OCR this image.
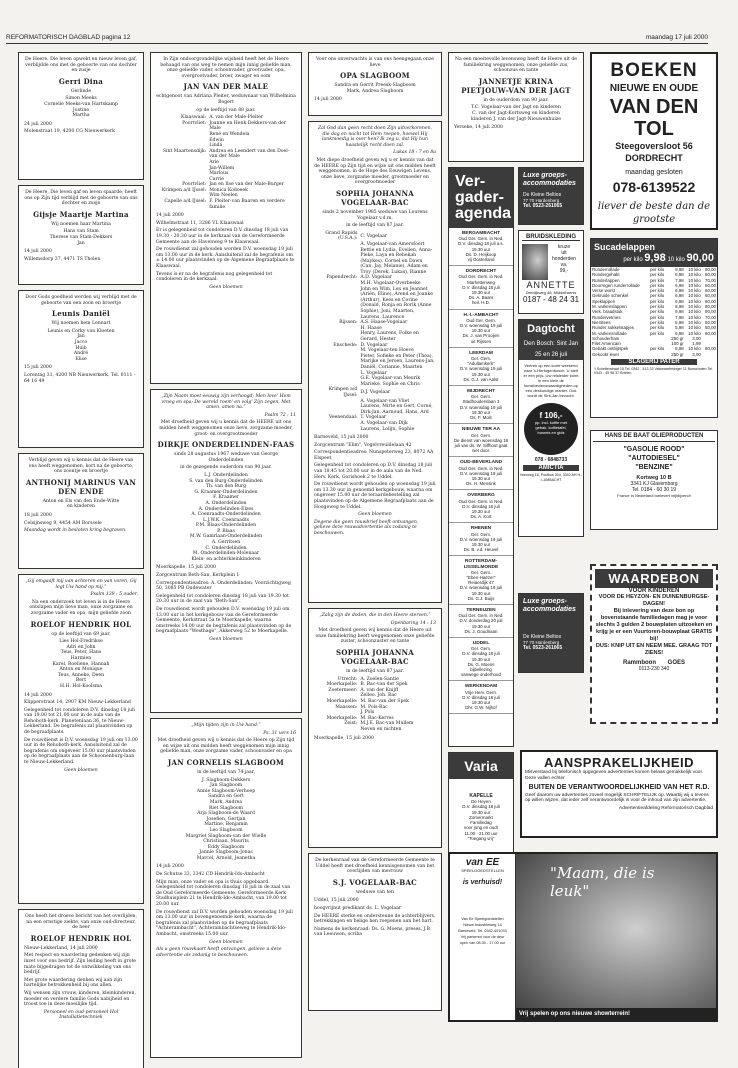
REFORMATORISCH DAGBLAD pagina 12	maandag 17 juli 2000

De Heere. Die leven opwekt en nieuw leven gaf, verblijdde ons met de geboorte van ons dochter en zusje

Gerri Dina

Gerlinde

Simon Meeks
Cornelie Meeks-van Hartskamp
Justine
Martha

24 juli 2000

Molenstraat 19, 4200 CG Nieuwerkerk

De Heere, Die leven gaf en leven spaarde, heeft ons op Zijn tijd verblijd met de geboorte van ons dochter en zusje

Gijsje Maartje Martina

Wij noemen haar Martina

Hans van Stam
Therese van Stam-Dekkers
Jan

14 juli 2000

Willemsdorp 37, 4471 TS Tholen

Door Gods goedheid werden wij verblijd met de geboorte van een zoon en broertje

Leunis Daniël

Wij noemen hem Lennart

Leunis en Corky van Kloeten
Jan
Jacco
Huib
André
Elise

15 juli 2000

Lorentag 31, 4200 NB Nieuwerkerk, Tel. 0111 - 64 16 49

Verblijd geven wij u kennis dat de Heere van ons heeft weggenomen, kort na de geboorte, ons zoontje en broertje

ANTHONIJ MARINUS VAN DEN ENDE
Anton en Els van den Ende-Witte
en kinderen

18 juli 2000

Celsijnsweg 9, 4454 AM Borssele

Maandag wordt in besloten kring begraven.

„Gij omgaaft mij van achteren en van voren, Gij legt Uw hand op mij.”

Psalm 139 : 5 ouder.

Na een onderzoek tot leven is in de Heere ontslapen mijn lieve man, onze zorgzame en zorgzame vader en opa, mijn geliefde zoon

ROELOF HENDRIK HOL

op de leeftijd van 69 jaar.

Lies Hol-Fredrikse
Adri en John
Teus, Peter, Hans
Harmien
Karel, Roeliene, Hannah
Anton en Monique
Teus, Anneke, Deen
Bert
H.H. Hol-Koolsma

14 juli 2000

Klipperstraat 14, 2907 KM Nieuw-Lekkerland

Gelegenheid tot condoleren D.V. dinsdag 18 juli van 19.00 tot 21.00 uur in de aula van de Rehoboth-kerk, Planetenlaan 36, te Nieuw-Lekkerland. De begrafenis zal plaatsvinden op de begraafplaats.

De rouwdienst is D.V. woensdag 19 juli om 13.00 uur in de Rehoboth-kerk. Aansluitend zal de begrafenis om ongeveer 15.00 uur plaatsvinden op de begraafplaats aan de Schoonenburg-laan te Nieuw-Lekkerland.

Geen bloemen

Ons heeft het droeve bericht van het overlijden, na een ernstige ziekte, van onze oud-directeur, de heer

ROELOF HENDRIK HOL

Nieuw-Lekkerland, 14 juli 2000

Met respect en waardering gedenken wij zijn inzet voor ons bedrijf. Zijn leiding heeft in grote mate bijgedragen tot de ontwikkeling van ons bedrijf.

Met grote waardering denken wij aan zijn hartelijke betrokkenheid bij ons allen.

Wij wensen zijn vrouw, kinderen, kleinkinderen, moeder en verdere familie Gods nabijheid en troost toe in deze moeilijke tijd.

Personeel en oud-personeel Hol Installatietechniek

In Zijn ondoorgrondelijke wijsheid heeft het de Heere behaagd van ons weg te nemen mijn innig geliefde man, onze geliefde vader, schoonvader, grootvader, opa, overgrootvader, broer, zwager en oom

JAN VAN DER MALE

echtgenoot van Adriana Pleiter, weduwnaar van Wilhelmina Bogert

op de leeftijd van 88 jaar.

Klaaswaal:	A. van der Male-Pleiter
Poortvliet:	Joanne en Henk Dekkers-van der Male
	René en Wendela
	Edwin
	Linda
Sint Maartensdijk:	Andrea en Leendert van den Doel-van der Male
	Arie
	Jan-Willem
	Marlous
	Carrie
Poortvliet:	Jan en Ilse van der Male-Burger
Krimpen a/d IJssel:	Monica Kodoeek
	Wim Neelen
Capelle a/d IJssel:	F. Pleiter-van Baaren en verdere familie

14 juli 2000

Wilhelmstraat 11, 3286 VL Klaaswaal

Er is gelegenheid tot condoleren D.V. dinsdag 18 juli van 19.30 - 20.30 uur in de kerkzaal van de Gereformeerde Gemeente aan de Havenweg 9 te Klaaswaal.

De rouwdienst zal gehouden worden D.V. woensdag 19 juli om 13.00 uur in de kerk. Aansluitend zal de begrafenis om ± 14.00 uur plaatsvinden op de Algemene Begraafplaats te Klaaswaal.

Tevens is er na de begrafenis nog gelegenheid tot condoleren in de kerkzaal.

Geen bloemen

„Zijn Naam moet eeuwig zijn verhoogd; Men love' Hem vroeg en spa; De wereld roem' en volg' Zijn zegen, Met amen, amen na.”

Psalm 72 : 11

Met droefheid geven wij u kennis dat de HEERE uit ons midden heeft weggenomen onze lieve, zorgzame moeder, groot- en overgrootmoeder

DIRKJE ONDERDELINDEN-FAAS

sinds 28 augustus 1967 weduwe van George Onderdelinden

in de gezegende ouderdom van 90 jaar.

L.J. Onderdelinden
S. van den Burg-Onderdelinden
Th. van den Burg
G. Kraamer-Onderdelinden
F. Kraamer
A. Onderdelinden
A. Onderdelinden-Elzes
A. Coenraadts-Onderdelinden
L.J.W.K. Coenraadts
P.M. Blaas-Onderdelinden
P. Blaas
M.W. Gamrlaan-Onderdelinden
A. Gerritsen
C. Onderdelinden
M. Onderdelinden-Molenaar
Klein- en achterkleinkinderen

Moerkapelle, 15 juli 2000

Zorgcentrum Beth-San, Kerkplein 1

Correspondentieadres: A. Onderdelinden, Voorzichtigweg 50, 3085 PB Oudewater

Gelegenheid tot condoleren dinsdag 18 juli van 19.30 tot 20.30 uur in de zaal van "Beth-San".

De rouwdienst wordt gehouden D.V. woensdag 19 juli om 13.00 uur in het kerkgebouw van de Gereformeerde Gemeente, Kerkstraat 5a te Moerkapelle, waarna omstreeks 14.00 uur de begrafenis zal plaatsvinden op de begraafplaats "Westhage", Akkerweg 52 te Moerkapelle.

Geen bloemen

„Mijn tijden zijn in Uw hand.”

Ps. 31 vers 16

Met droefheid geven wij u kennis dat de Heere op Zijn tijd en wijze uit ons midden heeft weggenomen mijn innig geliefde man, onze zorgzame vader, schoonvader en opa

JAN CORNELIS SLAGBOOM

in de leeftijd van 74 jaar.

J. Slagboom-Dekkers
Jan Slagboom
Annie Slagboom-Verhoep
Sandra en Gert
Mark, Andrea
Riet Slagboom
Arja Slagboom-de Waard
Josefien, Gertjan
Martine, Benjamin
Leo Slagboom
Margriet Slagboom-van der Wielle
Christiaan, Maurits
Eddy Slagboom
Jannie Slagboom-Jonas
Marcel, Arnold, Jeanetha

14 juli 2000

De Schutse 33, 3342 CD Hendrik-Ido-Ambacht

Mijn man, onze vader en opa is thuis opgebaard. Gelegenheid tot condoleren dinsdag 18 juli in de zaal van de Oud Gereformeerde Gemeente, Gereformeerde Kerk Stadhuisplein 21 te Hendrik-Ido-Ambacht, van 19.00 tot 20.00 uur.

De rouwdienst zal D.V. worden gehouden woensdag 19 juli om 13.00 uur in bovengenoemde kerk, waarna de begrafenis zal plaatsvinden op de begraafplaats "Achterambacht", Achterambachtseweg te Hendrik-Ido-Ambacht, omstreeks 15.00 uur.

Geen bloemen

Als u geen rouwkaart heeft ontvangen, gelieve u deze advertentie als zodanig te beschouwen.

Voor ons onverwachts is van ons heengegaan onze lieve

OPA SLAGBOOM
Sandra en Gerrit Preesk-Slagboom
Mark, Andrea Slagboom

14 juli 2000

Zal God dan geen recht doen Zijn uitverkorenen, die dag en nacht tot Hem roepen, hoewel Hij lankmoedig is over hen? Ik zeg u, dat Hij hun haastelijk recht doen zal.

Lukas 18 : 7 en 8a

Met diepe droefheid geven wij u er kennis van dat de HEERE op Zijn tijd en wijze uit ons midden heeft weggenomen, in de Hope des Eeuwigen Levens, onze lieve, zorgzame moeder, grootmoeder en overgrootmoeder

SOPHIA JOHANNA VOGELAAR-BAC

sinds 2 november 1985 weduwe van Lourens Vogelaar v.d.m.

in de leeftijd van 87 jaar.

Grand Rapids (U.S.A.):	C. Vogelaar
	A. Vogelaar-van Amersfoort
	Bettie en Lydia, Evelien, Anna-Pieke, Laya en Rebekah (Maykes), Cornel en Dawn (Can, Jay, Melanie), Adam en Troy (Derek, Lukas), Rianne
Papendrecht:	A.D. Vogelaar
	M.H. Vogelaar-Overbeeke
	John en Wim, Lex en Jeannet (Ariën, Eline), Arend en Joanke (Arthur), Kees en Corine (Donald, Ronja en Rorik (Anne Sophie), Joni, Maarten, Laurens, Laurence
Rijssen:	A.S. Haase-Vogelaar
	H. Haase
	Henry, Laurens, Folke en Gerard, Hester
Enschede:	D. Vogelaar
	M. Vogelaar-ten Hoeve
	Pieter, Sofieke en Peter (Thea), Marijke en Jeroen, Laurens-Jan, Daniël, Corianne, Maarten
	L. Vogelaar
	G.E. Vogelaar-van Meurik
	Marieke, Sophie en Chris
Krimpen a/d IJssel:	D.J. Vogelaar
	A. Vogelaar-van Vliet
	Laurens, Mirte en Gert, Corné, Dirk-Jan, Aarnoud, Hans, Ard
Veenendaal:	T. Vogelaar
	A. Vogelaar-van Dijk
	Laurens, Lolijn, Sophie

Barneveld, 15 juli 2000

Zorgcentrum "Elim", Vogelvreuldelaan 42

Correspondentieadres: Nunspeterweg 23, 8072 AA Elspeet

Gelegenheid tot condoleren op D.V. dinsdag 18 juli van 18.45 tot 20.00 uur in de aula van de Ned. Herv. Kerk, Gorishoek 2 te Uddel.

De rouwdienst wordt gehouden op woensdag 19 juli om 13.30 uur in genoemd kerkgebouw, waarna om ongeveer 15.00 uur de teraardebestelling zal plaatsvinden op de Algemene Begraafplaats aan de Hoogeweg te Uddel.

Geen bloemen

Degene die geen rouwbrief heeft ontvangen, gelieve deze rouwadvertentie als zodanig te beschouwen.

„Zalig zijn de doden, die in den Heere sterven.”

Openbaring 14 : 13

Met droefheid geven wij kennis dat de Heere uit onze familiekring heeft weggenomen onze geliefde zuster, schoonzuster en tante

SOPHIA JOHANNA VOGELAAR-BAC

in de leeftijd van 87 jaar.

Utrecht:	A. Zoelen-Santie
Moerkapelle:	B. Bac-van der Spek
Zoetermeer:	A. van der Knijff
	Zelleo. Joh. Bac
Moerkapelle:	M. Bac-van der Spek
Maassen:	M. Pols-Bac
	J. Pols
Moerkapelle:	M. Bac-Kerres
Zeist:	M.J.E. Bac-van Mullem
	Neven en nichten

Moerkapelle, 15 juli 2000

De kerkenraad van de Gereformeerde Gemeente te Uddel heeft met droefheid kennisgenomen van het overlijden van mevrouw

S.J. VOGELAAR-BAC

weduwe van ten

Uddel, 15 juli 2000

hoogvrijnut predikant ds. L. Vogelaar

De HEERE sterke en ondersteune de achterblijvers, betrekkingen en belige hen roepenen aan het hart.

Namens de kerkenraad: Ds. G. Moens, preses, J.B. van Leeuwen, scriba

Na een moeitevolle levensweg heeft de Heere uit de familiekring weggenomen, onze geliefde zus, schoonzus en tante

JANNETJE KRINA PIETJOUW-VAN DER JAGT

in de ouderdom van 90 jaar.

T.C. Vogelaar-van der Jagt en kinderen
C. van der Jagt-Kortsweg en kinderen
kinderen J. van der Jagt-Nieuwenhuize

Yerseke, 14 juli 2000

Ver-gader-agenda
BERGAMBACHT
Oud Ger. Gem. in Ned.
D.V. dinsdag 18 juli a.s.
19.30 uur
Ds. D. Heijkoop
vij Oosterland
DORDRECHT
Oud Ger. Gem. in Ned.
Marhettenweg
D.V. dinsdag 18 juli
19.30 uur
Ds. A. Baars
heil. H.D.
H.-I.-AMBACHT
Oud Ger. Gem.
D.V. woensdag 19 juli
19.30 uur
Ds. J. van Prooijen
uit Rijssen
LEERDAM
Ger. Gem.
"Adullamkerk"
D.V. woensdag 19 juli
19.30 uur
Ds. G.J. van Aalst
MIJDRECHT
Ger. Gem.
Stadhouderslaan 3
D.V. woensdag 19 juli
19.30 uur
Ds. F. Mols
NIEUWE TER AA
Ger. Gem.
De dienst van woensdag 19 juli van ds. W. Silfhout gaat niet door.
OUD-BEVERLAND
Oud Ger. Gem. in Ned.
D.V. woensdag 19 juli
19.30 uur
Ds. H. Mensink
OVERBERG
Oud Ger. Gem. in Ned.
D.V. dinsdag 18 juli
19.30 uur
Ds. A. Kort
RHENEN
Ger. Gem.
D.V. woensdag 19 juli
19.30 uur
Ds. B. v.d. Heuvel
ROTTERDAM-IJSSELMONDE
Ger. Gem.
"Eben-Haëzer"
Reiaerdijk 47
D.V. woensdag 19 juli
19.30 uur
Ds. G.J. Buijs
TERNEUZEN
Oud Ger. Gem. in Ned.
D.V. donderdag 20 juli
19.30 uur
Ds. J. Goudriaan
UDDEL
Ger. Gem.
D.V. dinsdag 18 juli
19.30 uur
Ds. G. Moens
bijbellezing
vanwege onderhoud
WERKENDAM
Vrije Herv. Gem.
D.V. dinsdag 18 juli
19.30 uur
Dhr. G.W. Nijhof
Luxe groeps-accommodaties
De Kleine Beltios
77 70 Hardenberg
Tel. 0523-261065
BRUIDSKLEDING
kruze
uit
honderden
va.
99,-
ANNETTE
Zeedijkweg 48, Middelharnis
0187 - 48 24 31
Dagtocht
Den Bosch: Sint Jan
25 en 26 juli
Vertrek op een korte weekend naar 's-Hertogenbosch. U stelt er een prijs. Uw reisleider komt in een klein de kunstbezienswaardigheden op een deskundige manier. Ook wordt de Sint-Jan bezocht.
f 106,-
pp. incl. koffie met gebak, koffietafel, busreis en gids
078 - 6848733
AMICTIA
Voerweg 16, Postbus 304, 3340 AH H.-I.-AMBACHT
Luxe groeps-accommodaties
De Kleine Beltios
77 70 Hardenberg
Tel. 0523-261065
Varia
KAPELLE
De Heyen
D.V. dinsdag 18 juli
19.30 uur
Zomermarkt
Familiedag
voor jong en oud!
11.00 - 21.00 uur
"Toegang vrij"
BOEKEN
NIEUWE EN OUDE
VAN DEN TOL
Steegoversloot 56
DORDRECHT
maandag gesloten
078-6139522
liever de beste dan de grootste
Sucadelappen
per kilo 9,98 10 kilo 90,00
Runderrollade	per kilo	9,98	10 kilo	90,00
Rundergehakt	per kilo	6,98	10 kilo	60,00
Runderlappen	per kilo	7,98	10 kilo	70,00
Doorregen runderrollade	per kilo	6,98	10 kilo	60,00
Verse worst	per kilo	6,98	10 kilo	60,00
Gekruide schenkel	per kilo	6,98	10 kilo	60,00
Speklappen	per kilo	6,98	10 kilo	60,00
M. varkenslappen	per kilo	8,98	10 kilo	80,00
Verk. braadstuk	per kilo	9,98	10 kilo	90,00
Rundervetmes	per kilo	7,98	10 kilo	70,00
Nierstees	per kilo	5,98	10 kilo	50,00
Runder sukkelstapjes	per kilo	5,98	10 kilo	50,00
M. varkensrollade	per kilo	6,98	10 kilo	60,00
Schouderham		250 gr	3,00	
Filet Americain		100 gr	1,99	
Gebakt ontbijtspek	per kilo	8,98	10 kilo	80,00
Gekookt lever		250 gr	3,00	
SLAGERIJ PATER
't Schelferstraat 15 Tel. 0342 - 413 33 Valkwaarthsinger 11 Bunschoten Tel. 0343 - 45 98 37 Brielen
HANS DE BAAT OLIEPRODUCTEN
"GASOLIE ROOD"
"AUTODIESEL"
"BENZINE"
Kortweg 10 B
3341 KJ Glasembarg
Tel. 0184 - 60 30 19
France in Nederland toelevert vrijblijvend!
WAARDEBON
VOOR KINDEREN
VOOR DE HEYZON- EN DUINENBURGSE-DAGEN!
Bij inlevering van deze bon op bovenstaande familiedagen mag je voor slechts 3 gulden 2 bouwplaten uitzoeken en krijg je er een Vuurtoren-bouwplaat GRATIS bij!
DUS: KNIP UIT EN NEEM MEE. GRAAG TOT ZIENS!
Rammboon GOES
0113-230 340
AANSPRAKELIJKHEID
Misverstand bij telefonisch opgegeven advertenties komen helaas gemakkelijk voor. Deze vallen echter
BUITEN DE VERANTWOORDELIJKHEID VAN HET R.D.
Geef daarom uw advertenties zoveel mogelijk SCHRIFTELIJK op. Waarbij wij u tevens op willen wijzen, dat ieder zelf verantwoordelijk is voor de inhoud van zijn advertentie.
Advertentieafdeling Reformatorisch Dagblad
van EE
SPEELGOEDSTELLEN
is verhuisd!
Van Ee Speelgoedstellen
Nieuw Industrieweg 14
Barneveld, Tel. 0342-401033
Vrij parkeren voor de deur
open van 08.30 - 17.00 uur
"Maam, die is leuk"
Vrij spelen op ons nieuwe showterrein!
